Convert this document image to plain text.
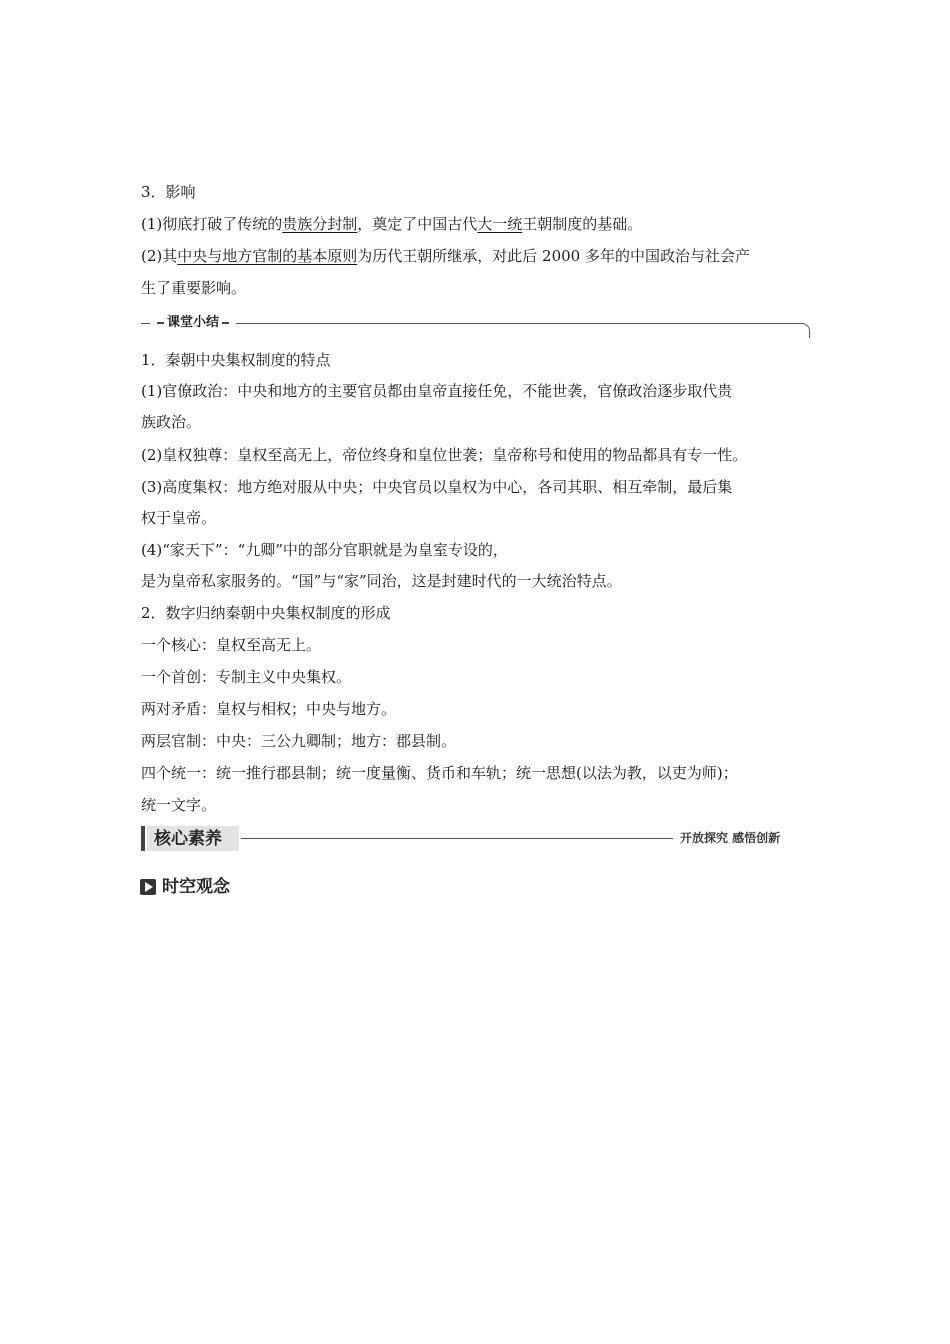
3．影响
(1)彻底打破了传统的贵族分封制，奠定了中国古代大一统王朝制度的基础。
(2)其中央与地方官制的基本原则为历代王朝所继承，对此后 2000 多年的中国政治与社会产
生了重要影响。
课堂小结
1．秦朝中央集权制度的特点
(1)官僚政治：中央和地方的主要官员都由皇帝直接任免，不能世袭，官僚政治逐步取代贵
族政治。
(2)皇权独尊：皇权至高无上，帝位终身和皇位世袭；皇帝称号和使用的物品都具有专一性。
(3)高度集权：地方绝对服从中央；中央官员以皇权为中心，各司其职、相互牵制，最后集
权于皇帝。
(4)“家天下”：“九卿”中的部分官职就是为皇室专设的，
是为皇帝私家服务的。“国”与“家”同治，这是封建时代的一大统治特点。
2．数字归纳秦朝中央集权制度的形成
一个核心：皇权至高无上。
一个首创：专制主义中央集权。
两对矛盾：皇权与相权；中央与地方。
两层官制：中央：三公九卿制；地方：郡县制。
四个统一：统一推行郡县制；统一度量衡、货币和车轨；统一思想(以法为教，以吏为师)；
统一文字。
核心素养	开放探究 感悟创新
时空观念
